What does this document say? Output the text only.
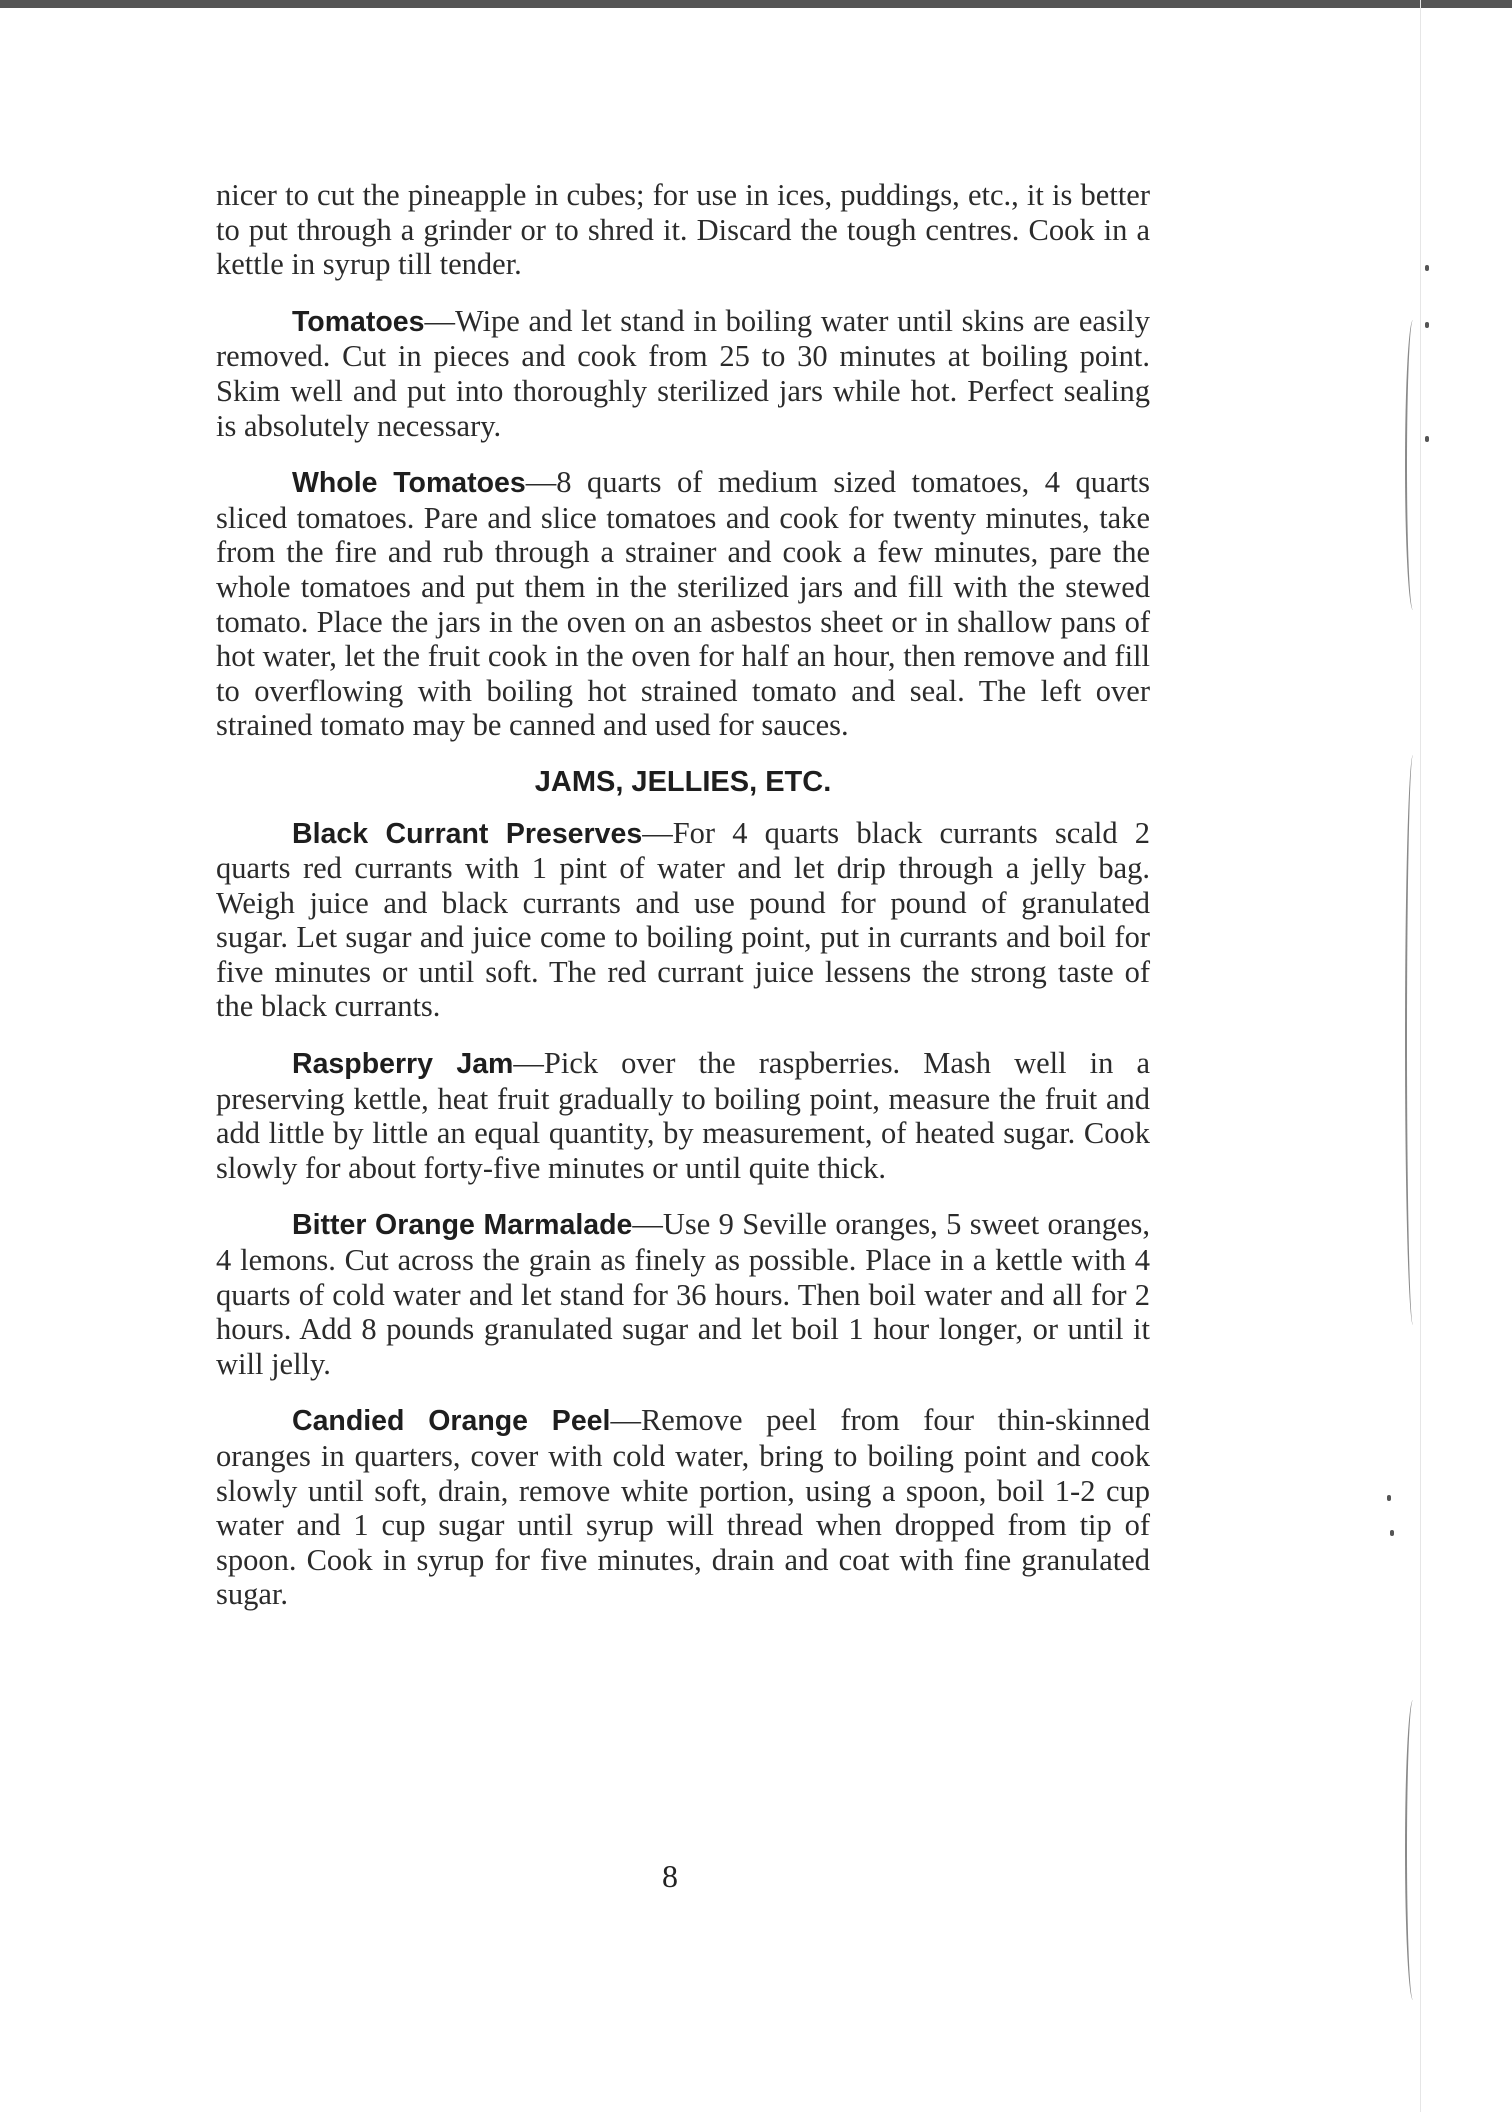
nicer to cut the pineapple in cubes; for use in ices, puddings, etc., it is better to put through a grinder or to shred it. Discard the tough centres. Cook in a kettle in syrup till tender.

Tomatoes—Wipe and let stand in boiling water until skins are easily removed. Cut in pieces and cook from 25 to 30 minutes at boiling point. Skim well and put into thoroughly sterilized jars while hot. Perfect sealing is absolutely necessary.

Whole Tomatoes—8 quarts of medium sized tomatoes, 4 quarts sliced tomatoes. Pare and slice tomatoes and cook for twenty minutes, take from the fire and rub through a strainer and cook a few minutes, pare the whole tomatoes and put them in the sterilized jars and fill with the stewed tomato. Place the jars in the oven on an asbestos sheet or in shallow pans of hot water, let the fruit cook in the oven for half an hour, then remove and fill to overflowing with boiling hot strained tomato and seal. The left over strained tomato may be canned and used for sauces.

JAMS, JELLIES, ETC.

Black Currant Preserves—For 4 quarts black currants scald 2 quarts red currants with 1 pint of water and let drip through a jelly bag. Weigh juice and black currants and use pound for pound of granulated sugar. Let sugar and juice come to boiling point, put in currants and boil for five minutes or until soft. The red currant juice lessens the strong taste of the black currants.

Raspberry Jam—Pick over the raspberries. Mash well in a preserving kettle, heat fruit gradually to boiling point, measure the fruit and add little by little an equal quantity, by measurement, of heated sugar. Cook slowly for about forty-five minutes or until quite thick.

Bitter Orange Marmalade—Use 9 Seville oranges, 5 sweet oranges, 4 lemons. Cut across the grain as finely as possible. Place in a kettle with 4 quarts of cold water and let stand for 36 hours. Then boil water and all for 2 hours. Add 8 pounds granulated sugar and let boil 1 hour longer, or until it will jelly.

Candied Orange Peel—Remove peel from four thin-skinned oranges in quarters, cover with cold water, bring to boiling point and cook slowly until soft, drain, remove white portion, using a spoon, boil 1-2 cup water and 1 cup sugar until syrup will thread when dropped from tip of spoon. Cook in syrup for five minutes, drain and coat with fine granulated sugar.

8
